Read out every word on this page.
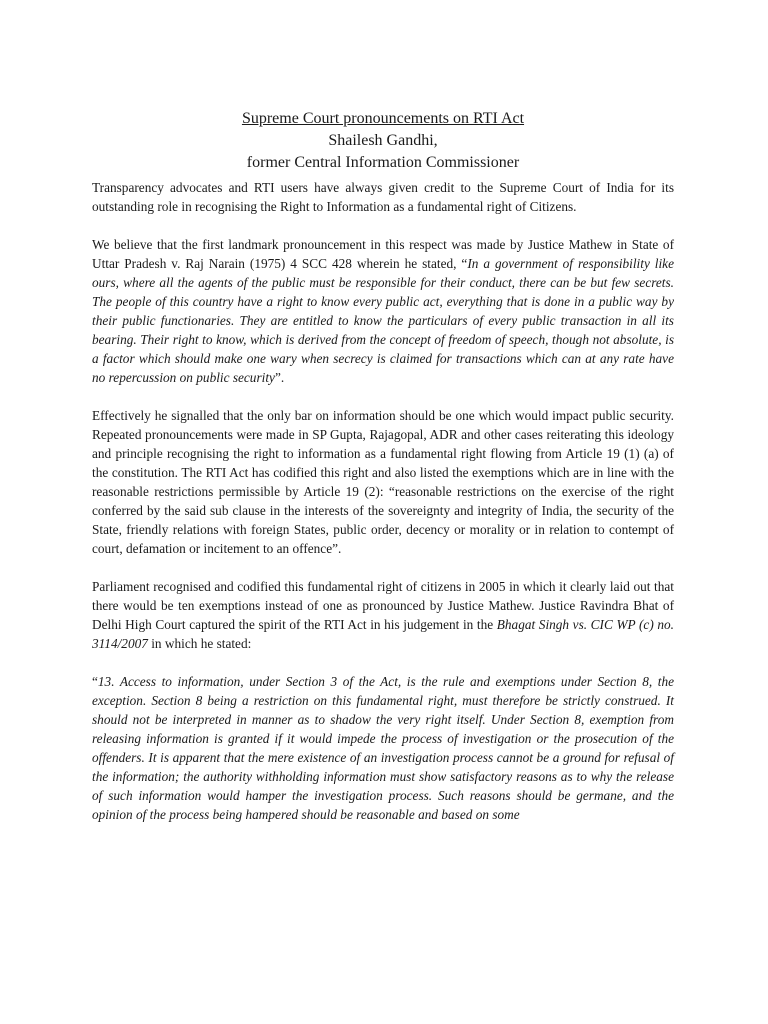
Supreme Court pronouncements on RTI Act
Shailesh Gandhi,
former Central Information Commissioner

Transparency advocates and RTI users have always given credit to the Supreme Court of India for its outstanding role in recognising the Right to Information as a fundamental right of Citizens.

We believe that the first landmark pronouncement in this respect was made by Justice Mathew in State of Uttar Pradesh v. Raj Narain (1975) 4 SCC 428 wherein he stated, “In a government of responsibility like ours, where all the agents of the public must be responsible for their conduct, there can be but few secrets. The people of this country have a right to know every public act, everything that is done in a public way by their public functionaries. They are entitled to know the particulars of every public transaction in all its bearing. Their right to know, which is derived from the concept of freedom of speech, though not absolute, is a factor which should make one wary when secrecy is claimed for transactions which can at any rate have no repercussion on public security”.

Effectively he signalled that the only bar on information should be one which would impact public security. Repeated pronouncements were made in SP Gupta, Rajagopal, ADR and other cases reiterating this ideology and principle recognising the right to information as a fundamental right flowing from Article 19 (1) (a) of the constitution. The RTI Act has codified this right and also listed the exemptions which are in line with the reasonable restrictions permissible by Article 19 (2): “reasonable restrictions on the exercise of the right conferred by the said sub clause in the interests of the sovereignty and integrity of India, the security of the State, friendly relations with foreign States, public order, decency or morality or in relation to contempt of court, defamation or incitement to an offence”.

Parliament recognised and codified this fundamental right of citizens in 2005 in which it clearly laid out that there would be ten exemptions instead of one as pronounced by Justice Mathew. Justice Ravindra Bhat of Delhi High Court captured the spirit of the RTI Act in his judgement in the Bhagat Singh vs. CIC WP (c) no. 3114/2007 in which he stated:

“13. Access to information, under Section 3 of the Act, is the rule and exemptions under Section 8, the exception. Section 8 being a restriction on this fundamental right, must therefore be strictly construed. It should not be interpreted in manner as to shadow the very right itself. Under Section 8, exemption from releasing information is granted if it would impede the process of investigation or the prosecution of the offenders. It is apparent that the mere existence of an investigation process cannot be a ground for refusal of the information; the authority withholding information must show satisfactory reasons as to why the release of such information would hamper the investigation process. Such reasons should be germane, and the opinion of the process being hampered should be reasonable and based on some
